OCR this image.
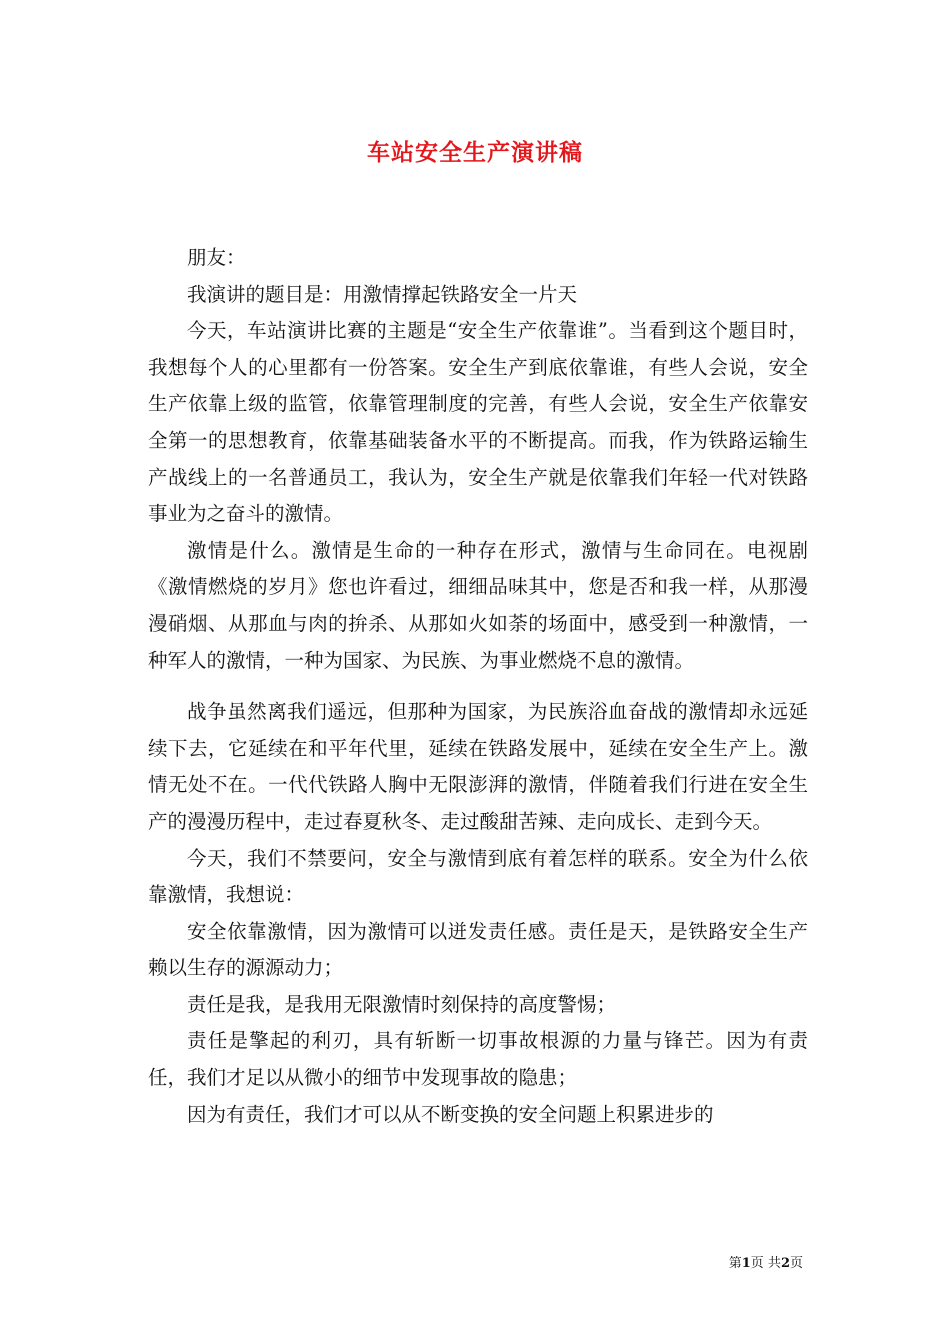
车站安全生产演讲稿

朋友：

我演讲的题目是：用激情撑起铁路安全一片天

今天，车站演讲比赛的主题是“安全生产依靠谁”。当看到这个题目时，我想每个人的心里都有一份答案。安全生产到底依靠谁，有些人会说，安全生产依靠上级的监管，依靠管理制度的完善，有些人会说，安全生产依靠安全第一的思想教育，依靠基础装备水平的不断提高。而我，作为铁路运输生产战线上的一名普通员工，我认为，安全生产就是依靠我们年轻一代对铁路事业为之奋斗的激情。

激情是什么。激情是生命的一种存在形式，激情与生命同在。电视剧《激情燃烧的岁月》您也许看过，细细品味其中，您是否和我一样，从那漫漫硝烟、从那血与肉的拚杀、从那如火如荼的场面中，感受到一种激情，一种军人的激情，一种为国家、为民族、为事业燃烧不息的激情。

战争虽然离我们遥远，但那种为国家，为民族浴血奋战的激情却永远延续下去，它延续在和平年代里，延续在铁路发展中，延续在安全生产上。激情无处不在。一代代铁路人胸中无限澎湃的激情，伴随着我们行进在安全生产的漫漫历程中，走过春夏秋冬、走过酸甜苦辣、走向成长、走到今天。

今天，我们不禁要问，安全与激情到底有着怎样的联系。安全为什么依靠激情，我想说：

安全依靠激情，因为激情可以迸发责任感。责任是天，是铁路安全生产赖以生存的源源动力；

责任是我，是我用无限激情时刻保持的高度警惕；

责任是擎起的利刃，具有斩断一切事故根源的力量与锋芒。因为有责任，我们才足以从微小的细节中发现事故的隐患；

因为有责任，我们才可以从不断变换的安全问题上积累进步的

第1页 共2页
